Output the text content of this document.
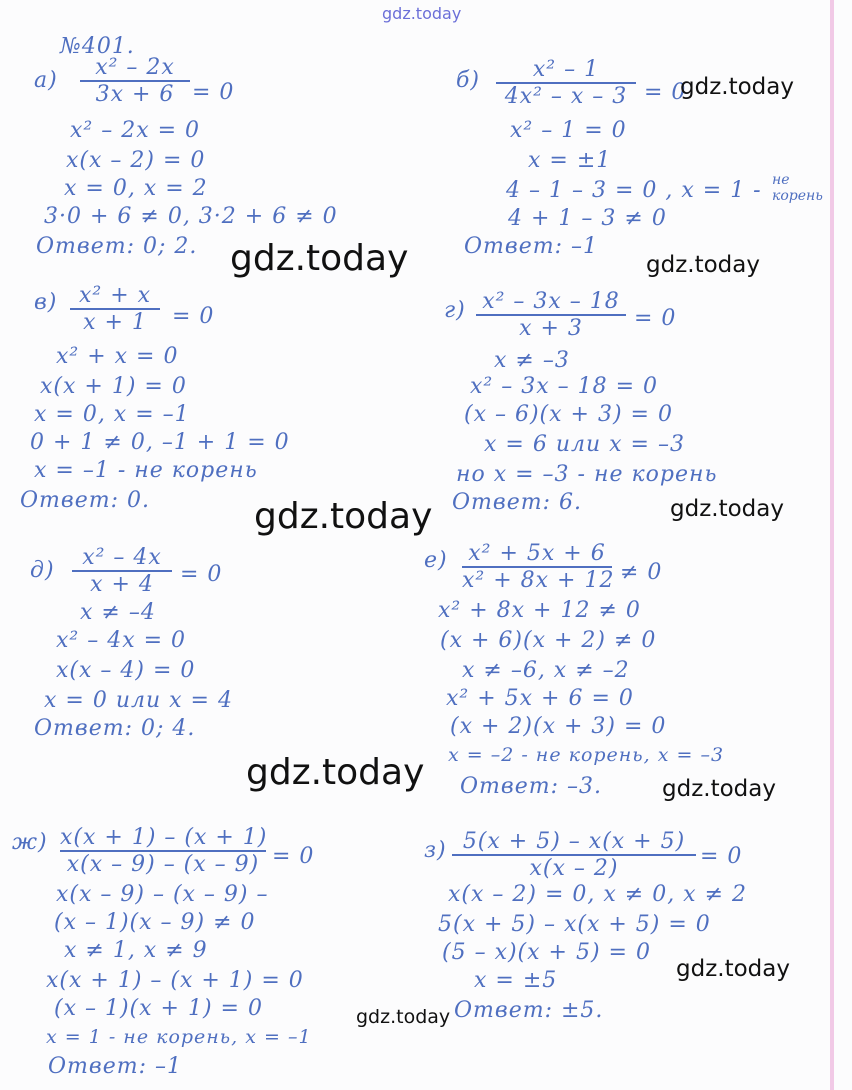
gdz.today
№401.
а)
x² – 2x
3x + 6 = 0
x² – 2x = 0
x(x – 2) = 0
x = 0, x = 2
3·0 + 6 ≠ 0, 3·2 + 6 ≠ 0
Ответ: 0; 2.
б)	x² – 1
4x² – x – 3 = 0
x² – 1 = 0
x = ±1
4 – 1 – 3 = 0 , x = 1 - не
корень
4 + 1 – 3 ≠ 0
Ответ: –1
gdz.today
gdz.today	gdz.today
в) x² + x
x + 1	= 0
x² + x = 0
x(x + 1) = 0
x = 0, x = –1
0 + 1 ≠ 0, –1 + 1 = 0
x = –1 - не корень
Ответ: 0.
г) x² – 3x – 18
x + 3	= 0
x ≠ –3
x² – 3x – 18 = 0
(x – 6)(x + 3) = 0
x = 6 или x = –3
но x = –3 - не корень
Ответ: 6.
gdz.today	gdz.today
д)
x² – 4x
x + 4	= 0
x ≠ –4
x² – 4x = 0
x(x – 4) = 0
x = 0 или x = 4
Ответ: 0; 4.
е) x² + 5x + 6
x² + 8x + 12 ≠ 0
x² + 8x + 12 ≠ 0
(x + 6)(x + 2) ≠ 0
x ≠ –6, x ≠ –2
x² + 5x + 6 = 0
(x + 2)(x + 3) = 0
x = –2 - не корень, x = –3
Ответ: –3.
gdz.today	gdz.today
ж) x(x + 1) – (x + 1)
x(x – 9) – (x – 9) = 0
x(x – 9) – (x – 9) –
(x – 1)(x – 9) ≠ 0
x ≠ 1, x ≠ 9
x(x + 1) – (x + 1) = 0
(x – 1)(x + 1) = 0
x = 1 - не корень, x = –1
Ответ: –1
з) 5(x + 5) – x(x + 5)
x(x – 2)	= 0
x(x – 2) = 0, x ≠ 0, x ≠ 2
5(x + 5) – x(x + 5) = 0
(5 – x)(x + 5) = 0
x = ±5
Ответ: ±5.
gdz.today
gdz.today
